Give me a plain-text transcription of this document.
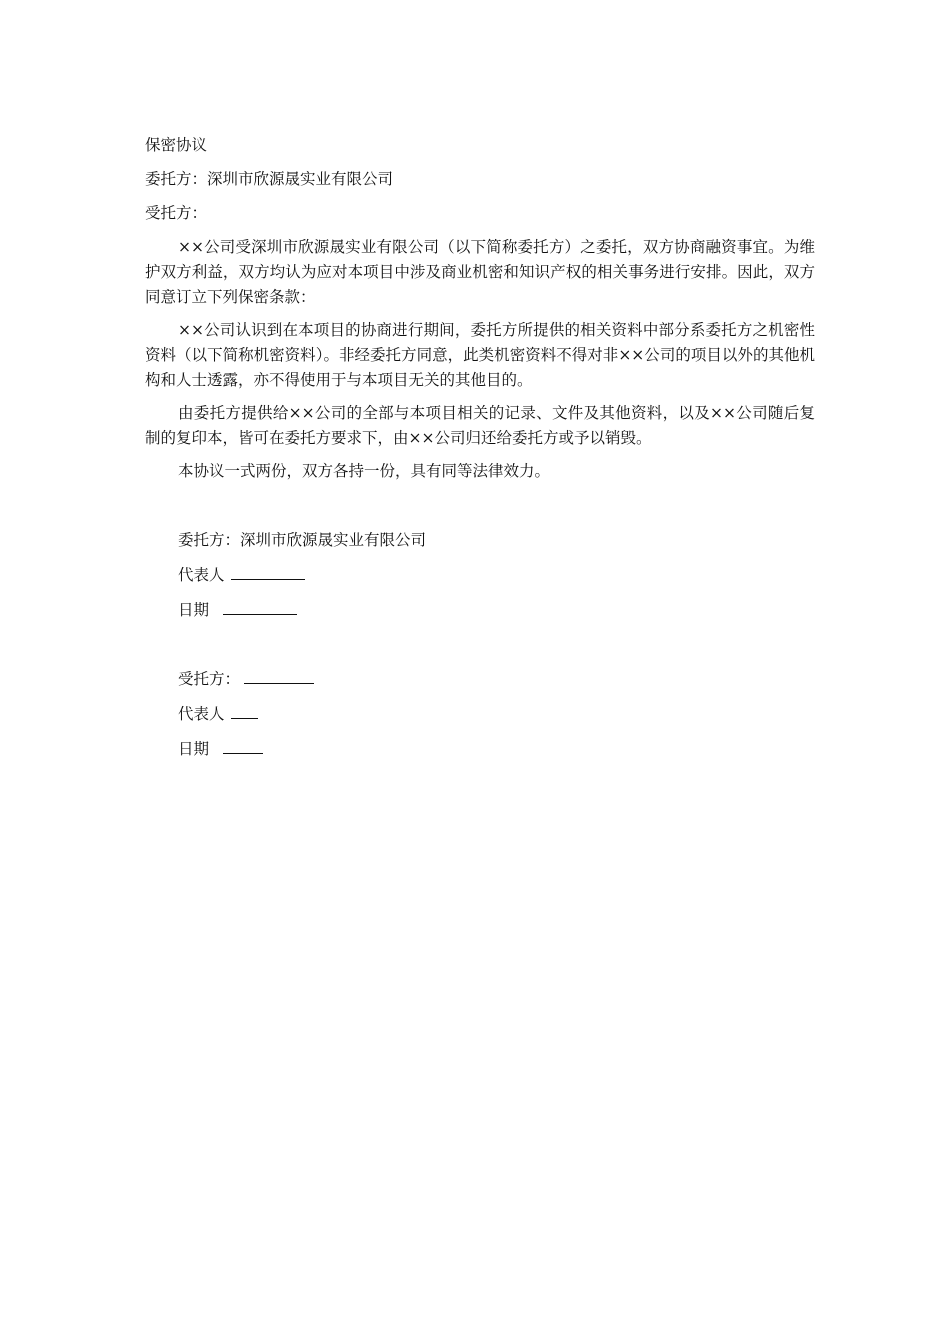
保密协议
委托方：深圳市欣源晟实业有限公司
受托方：

××公司受深圳市欣源晟实业有限公司（以下简称委托方）之委托，双方协商融资事宜。为维护双方利益，双方均认为应对本项目中涉及商业机密和知识产权的相关事务进行安排。因此，双方同意订立下列保密条款：

××公司认识到在本项目的协商进行期间，委托方所提供的相关资料中部分系委托方之机密性资料（以下简称机密资料）。非经委托方同意，此类机密资料不得对非××公司的项目以外的其他机构和人士透露，亦不得使用于与本项目无关的其他目的。

由委托方提供给××公司的全部与本项目相关的记录、文件及其他资料，以及××公司随后复制的复印本，皆可在委托方要求下，由××公司归还给委托方或予以销毁。

本协议一式两份，双方各持一份，具有同等法律效力。

委托方：深圳市欣源晟实业有限公司
代表人
日期
受托方：
代表人
日期
